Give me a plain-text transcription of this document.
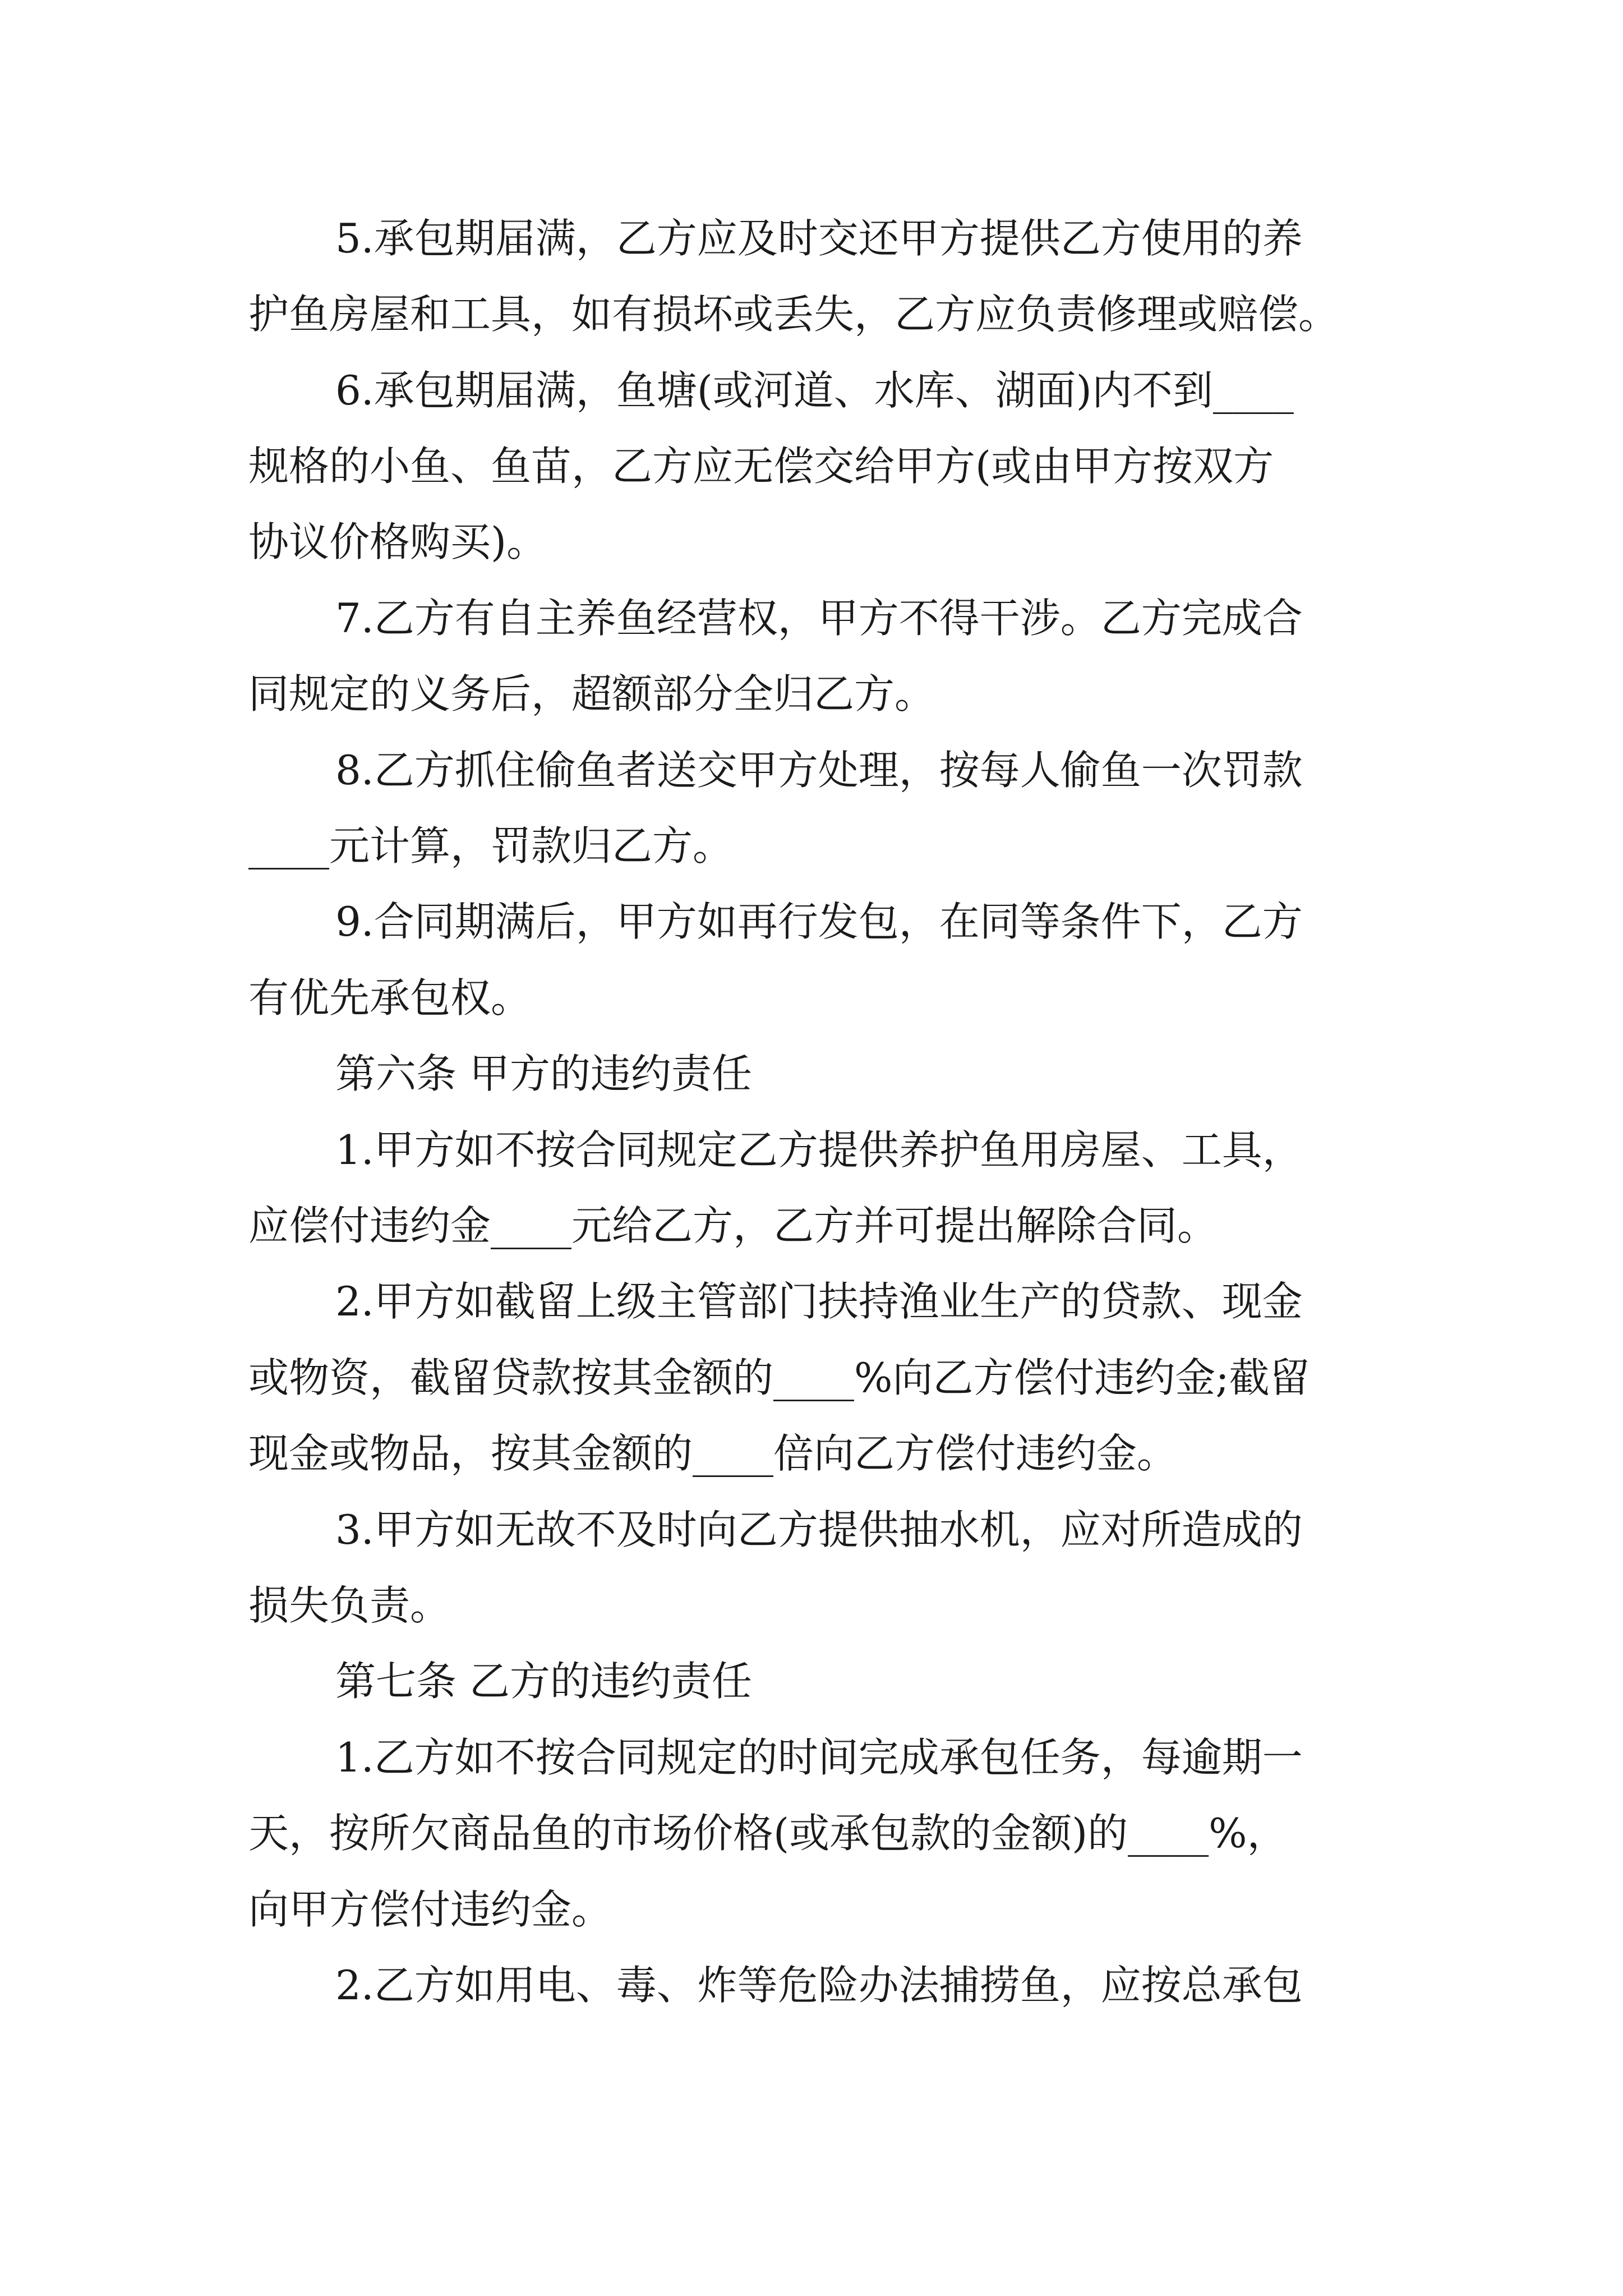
5.承包期届满，乙方应及时交还甲方提供乙方使用的养

护鱼房屋和工具，如有损坏或丢失，乙方应负责修理或赔偿。

6.承包期届满，鱼塘(或河道、水库、湖面)内不到____

规格的小鱼、鱼苗，乙方应无偿交给甲方(或由甲方按双方

协议价格购买)。

7.乙方有自主养鱼经营权，甲方不得干涉。乙方完成合

同规定的义务后，超额部分全归乙方。

8.乙方抓住偷鱼者送交甲方处理，按每人偷鱼一次罚款

____元计算，罚款归乙方。

9.合同期满后，甲方如再行发包，在同等条件下，乙方

有优先承包权。

第六条 甲方的违约责任

1.甲方如不按合同规定乙方提供养护鱼用房屋、工具，

应偿付违约金____元给乙方，乙方并可提出解除合同。

2.甲方如截留上级主管部门扶持渔业生产的贷款、现金

或物资，截留贷款按其金额的____%向乙方偿付违约金;截留

现金或物品，按其金额的____倍向乙方偿付违约金。

3.甲方如无故不及时向乙方提供抽水机，应对所造成的

损失负责。

第七条 乙方的违约责任

1.乙方如不按合同规定的时间完成承包任务，每逾期一

天，按所欠商品鱼的市场价格(或承包款的金额)的____%，

向甲方偿付违约金。

2.乙方如用电、毒、炸等危险办法捕捞鱼，应按总承包
